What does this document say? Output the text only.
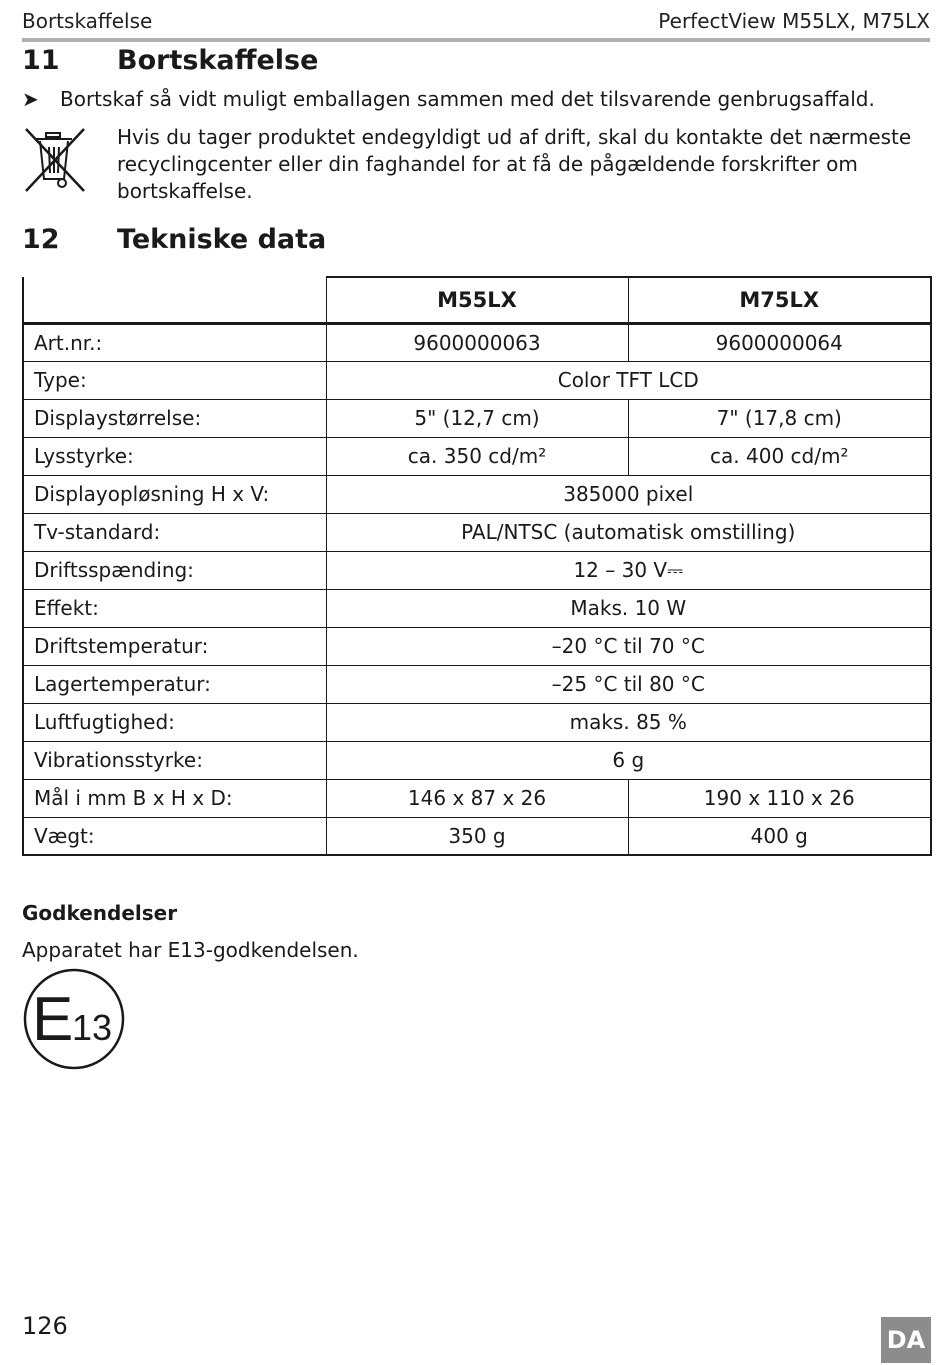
Bortskaffelse	PerfectView M55LX, M75LX
11 Bortskaffelse
➤ Bortskaf så vidt muligt emballagen sammen med det tilsvarende genbrugsaffald.
Hvis du tager produktet endegyldigt ud af drift, skal du kontakte det nærmeste recyclingcenter eller din faghandel for at få de pågældende forskrifter om bortskaffelse.
12 Tekniske data
	M55LX	M75LX
Art.nr.:	9600000063	9600000064
Type:	Color TFT LCD	
Displaystørrelse:	5" (12,7 cm)	7" (17,8 cm)
Lysstyrke:	ca. 350 cd/m²	ca. 400 cd/m²
Displayopløsning H x V:	385000 pixel	
Tv-standard:	PAL/NTSC (automatisk omstilling)	
Driftsspænding:	12 – 30 V⎓	
Effekt:	Maks. 10 W	
Driftstemperatur:	–20 °C til 70 °C	
Lagertemperatur:	–25 °C til 80 °C	
Luftfugtighed:	maks. 85 %	
Vibrationsstyrke:	6 g	
Mål i mm B x H x D:	146 x 87 x 26	190 x 110 x 26
Vægt:	350 g	400 g
Godkendelser
Apparatet har E13-godkendelsen.
E
13
126	DA
